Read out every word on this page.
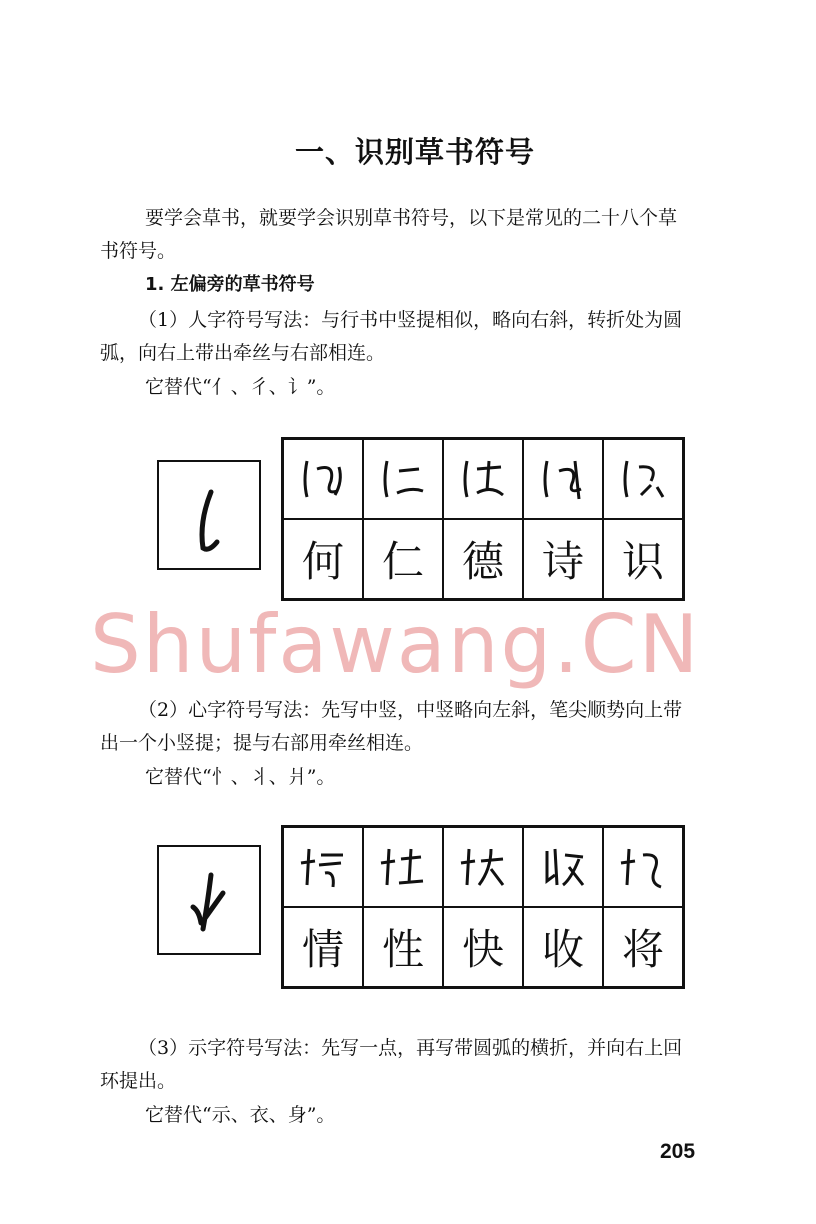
一、识别草书符号
要学会草书，就要学会识别草书符号，以下是常见的二十八个草
书符号。
1. 左偏旁的草书符号
（1）人字符号写法：与行书中竖提相似，略向右斜，转折处为圆
弧，向右上带出牵丝与右部相连。
它替代“亻、彳、讠”。
何 仁 德 诗 识
Shufawang.CN
（2）心字符号写法：先写中竖，中竖略向左斜，笔尖顺势向上带
出一个小竖提；提与右部用牵丝相连。
它替代“忄、丬、爿”。
情 性 快 收 将
（3）示字符号写法：先写一点，再写带圆弧的横折，并向右上回
环提出。
它替代“示、衣、身”。
205
